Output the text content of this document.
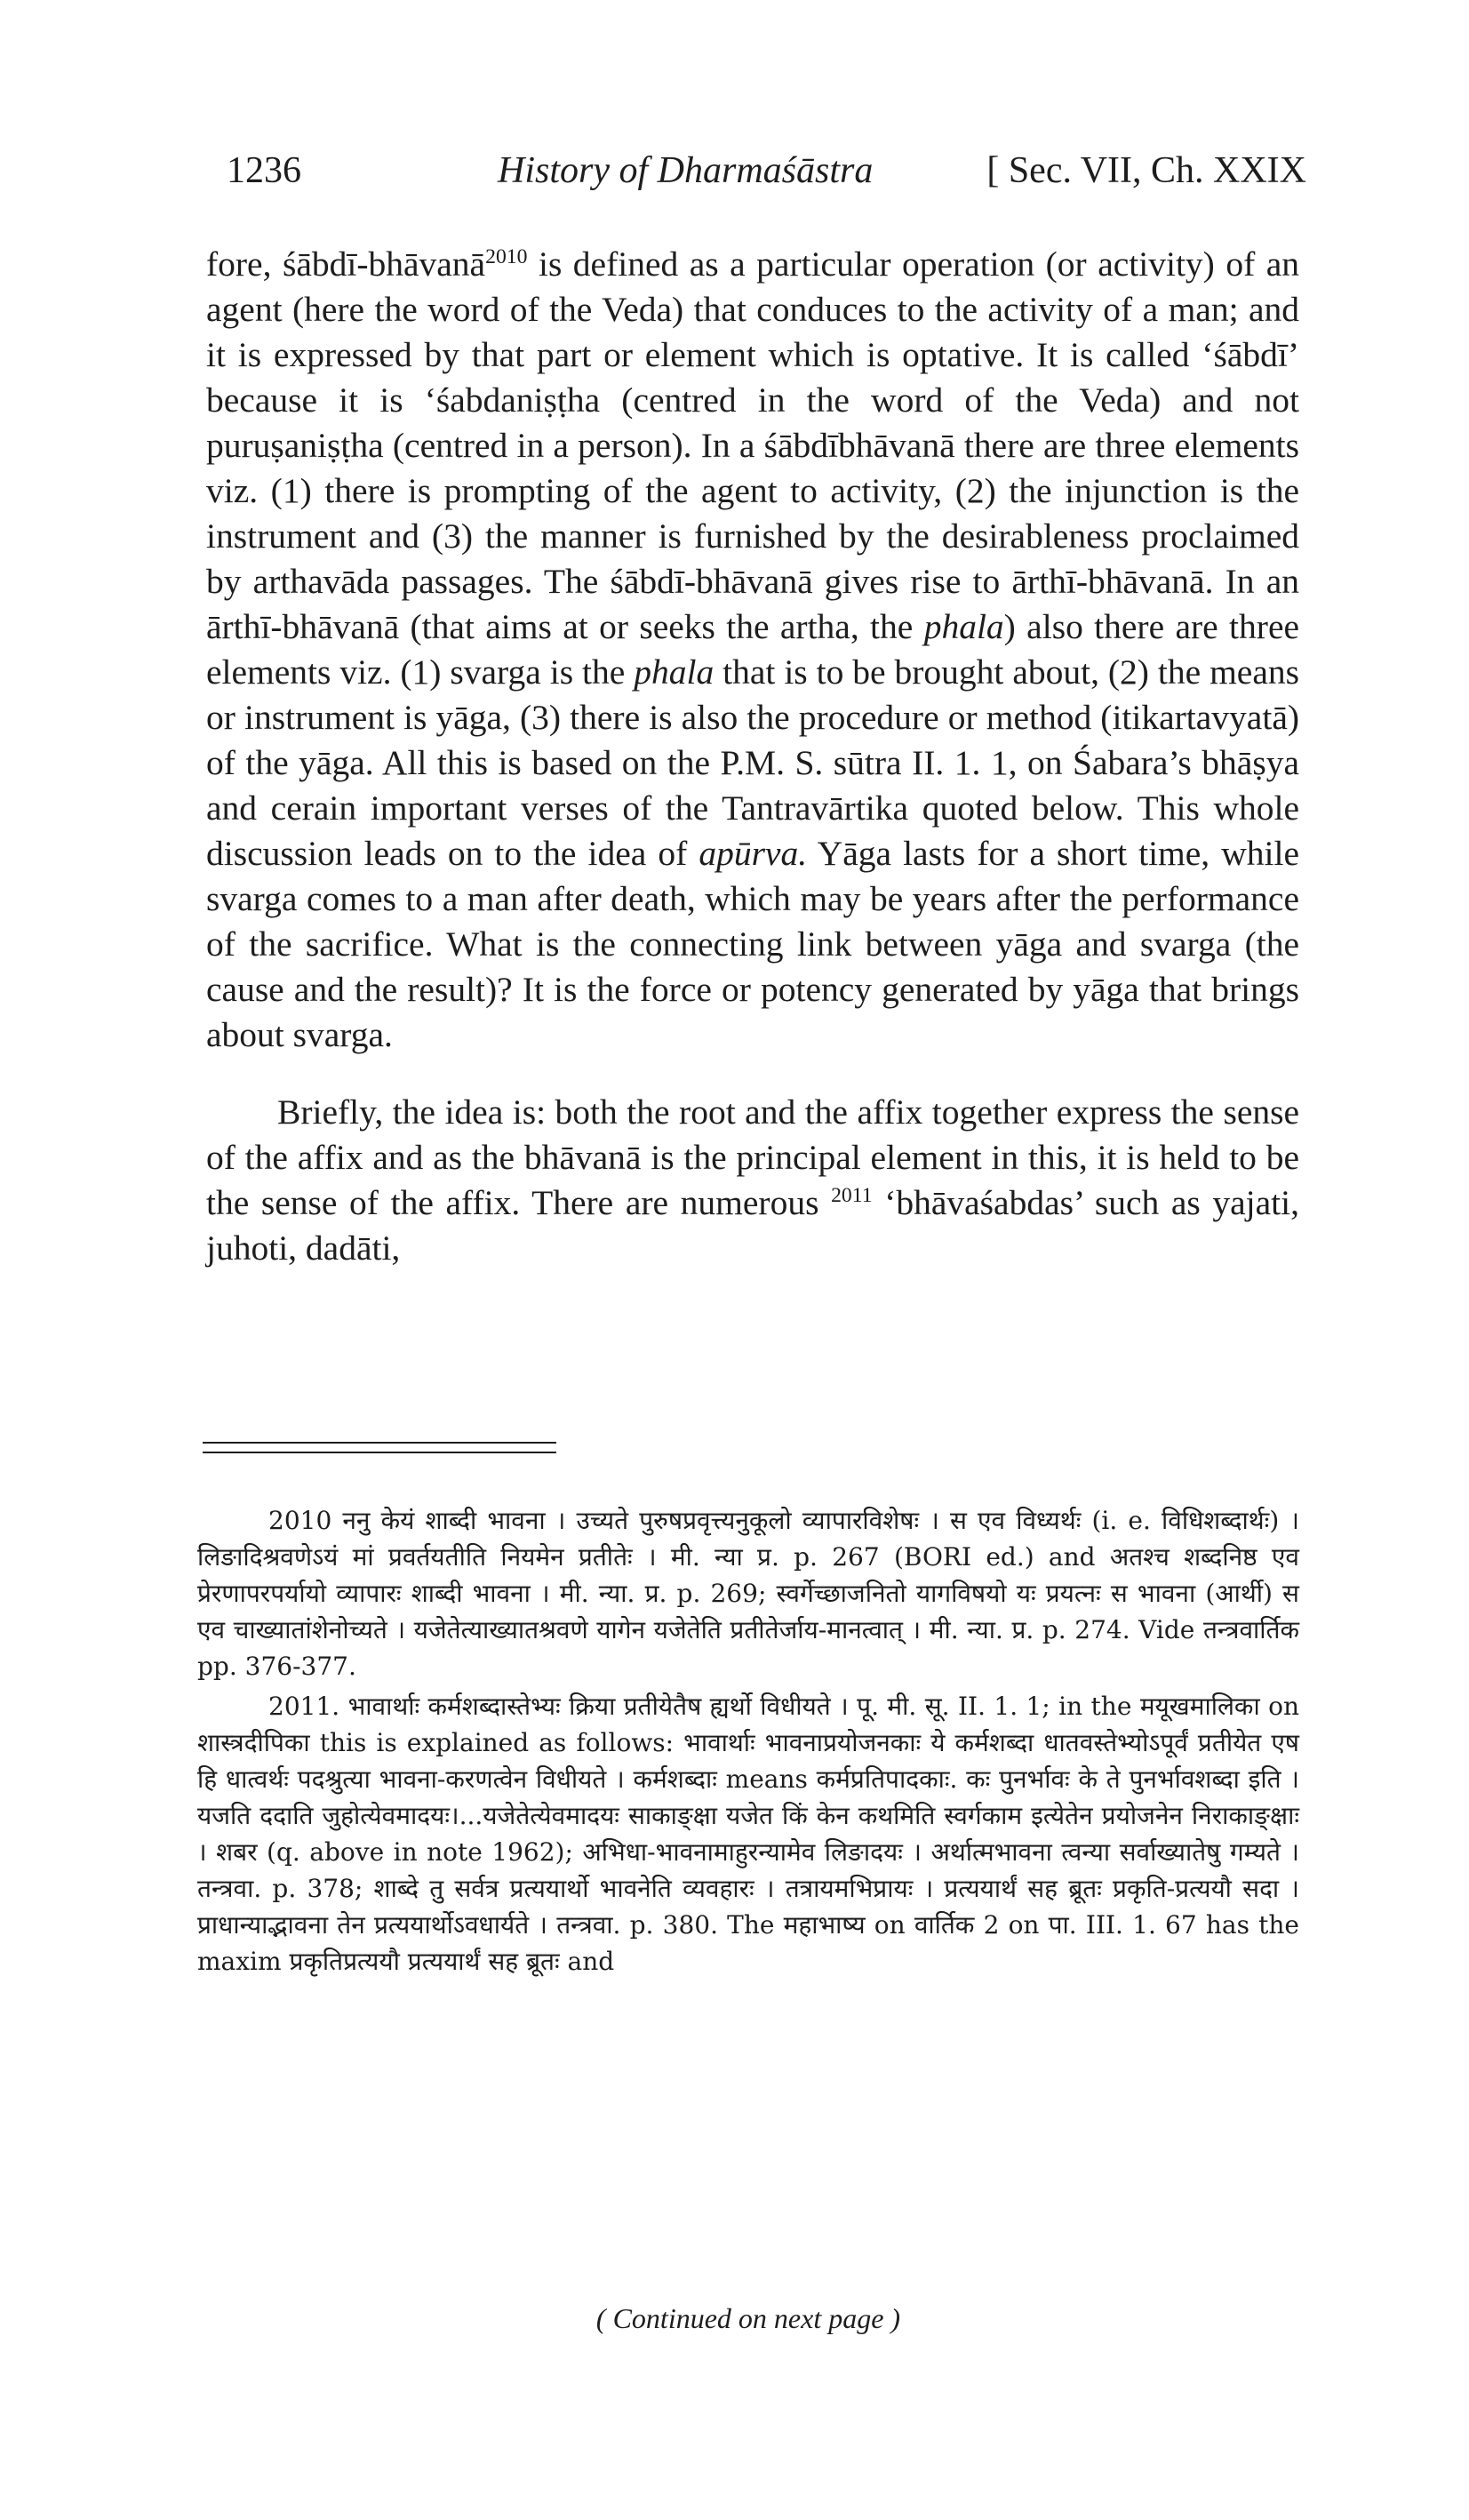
1236	History of Dharmaśāstra	[ Sec. VII, Ch. XXIX

fore, śābdī-bhāvanā$^{2010}$ is defined as a particular operation (or activity) of an agent (here the word of the Veda) that conduces to the activity of a man; and it is expressed by that part or element which is optative. It is called ‘śābdī’ because it is ‘śabdaniṣṭha (centred in the word of the Veda) and not puruṣaniṣṭha (centred in a person). In a śābdībhāvanā there are three elements viz. (1) there is prompting of the agent to activity, (2) the injunction is the instrument and (3) the manner is furnished by the desirableness proclaimed by arthavāda passages. The śābdī-bhāvanā gives rise to ārthī-bhāvanā. In an ārthī-bhāvanā (that aims at or seeks the artha, the phala) also there are three elements viz. (1) svarga is the phala that is to be brought about, (2) the means or instrument is yāga, (3) there is also the procedure or method (itikartavyatā) of the yāga. All this is based on the P.M. S. sūtra II. 1. 1, on Śabara’s bhāṣya and cerain important verses of the Tantravārtika quoted below. This whole discussion leads on to the idea of apūrva. Yāga lasts for a short time, while svarga comes to a man after death, which may be years after the performance of the sacrifice. What is the connecting link between yāga and svarga (the cause and the result)? It is the force or potency generated by yāga that brings about svarga.

Briefly, the idea is: both the root and the affix together express the sense of the affix and as the bhāvanā is the principal element in this, it is held to be the sense of the affix. There are numerous $^{2011}$ ‘bhāvaśabdas’ such as yajati, juhoti, dadāti,

2010 ननु केयं शाब्दी भावना । उच्यते पुरुषप्रवृत्त्यनुकूलो व्यापारविशेषः । स एव विध्यर्थः (i. e. विधिशब्दार्थः) । लिङादिश्रवणेऽयं मां प्रवर्तयतीति नियमेन प्रतीतेः । मी. न्या प्र. p. 267 (BORI ed.) and अतश्च शब्दनिष्ठ एव प्रेरणापरपर्यायो व्यापारः शाब्दी भावना । मी. न्या. प्र. p. 269; स्वर्गेच्छाजनितो यागविषयो यः प्रयत्नः स भावना (आर्थी) स एव चाख्यातांशेनोच्यते । यजेतेत्याख्यातश्रवणे यागेन यजेतेति प्रतीतेर्जाय-मानत्वात् । मी. न्या. प्र. p. 274. Vide तन्त्रवार्तिक pp. 376-377.

2011. भावार्थाः कर्मशब्दास्तेभ्यः क्रिया प्रतीयेतैष ह्यर्थो विधीयते । पू. मी. सू. II. 1. 1; in the मयूखमालिका on शास्त्रदीपिका this is explained as follows: भावार्थाः भावनाप्रयोजनकाः ये कर्मशब्दा धातवस्तेभ्योऽपूर्वं प्रतीयेत एष हि धात्वर्थः पदश्रुत्या भावना-करणत्वेन विधीयते । कर्मशब्दाः means कर्मप्रतिपादकाः. कः पुनर्भावः के ते पुनर्भावशब्दा इति । यजति ददाति जुहोत्येवमादयः।...यजेतेत्येवमादयः साकाङ्क्षा यजेत किं केन कथमिति स्वर्गकाम इत्येतेन प्रयोजनेन निराकाङ्क्षाः । शबर (q. above in note 1962); अभिधा-भावनामाहुरन्यामेव लिङादयः । अर्थात्मभावना त्वन्या सर्वाख्यातेषु गम्यते । तन्त्रवा. p. 378; शाब्दे तु सर्वत्र प्रत्ययार्थो भावनेति व्यवहारः । तत्रायमभिप्रायः । प्रत्ययार्थं सह ब्रूतः प्रकृति-प्रत्ययौ सदा । प्राधान्याद्भावना तेन प्रत्ययार्थोऽवधार्यते । तन्त्रवा. p. 380. The महाभाष्य on वार्तिक 2 on पा. III. 1. 67 has the maxim प्रकृतिप्रत्ययौ प्रत्ययार्थं सह ब्रूतः and

( Continued on next page )
